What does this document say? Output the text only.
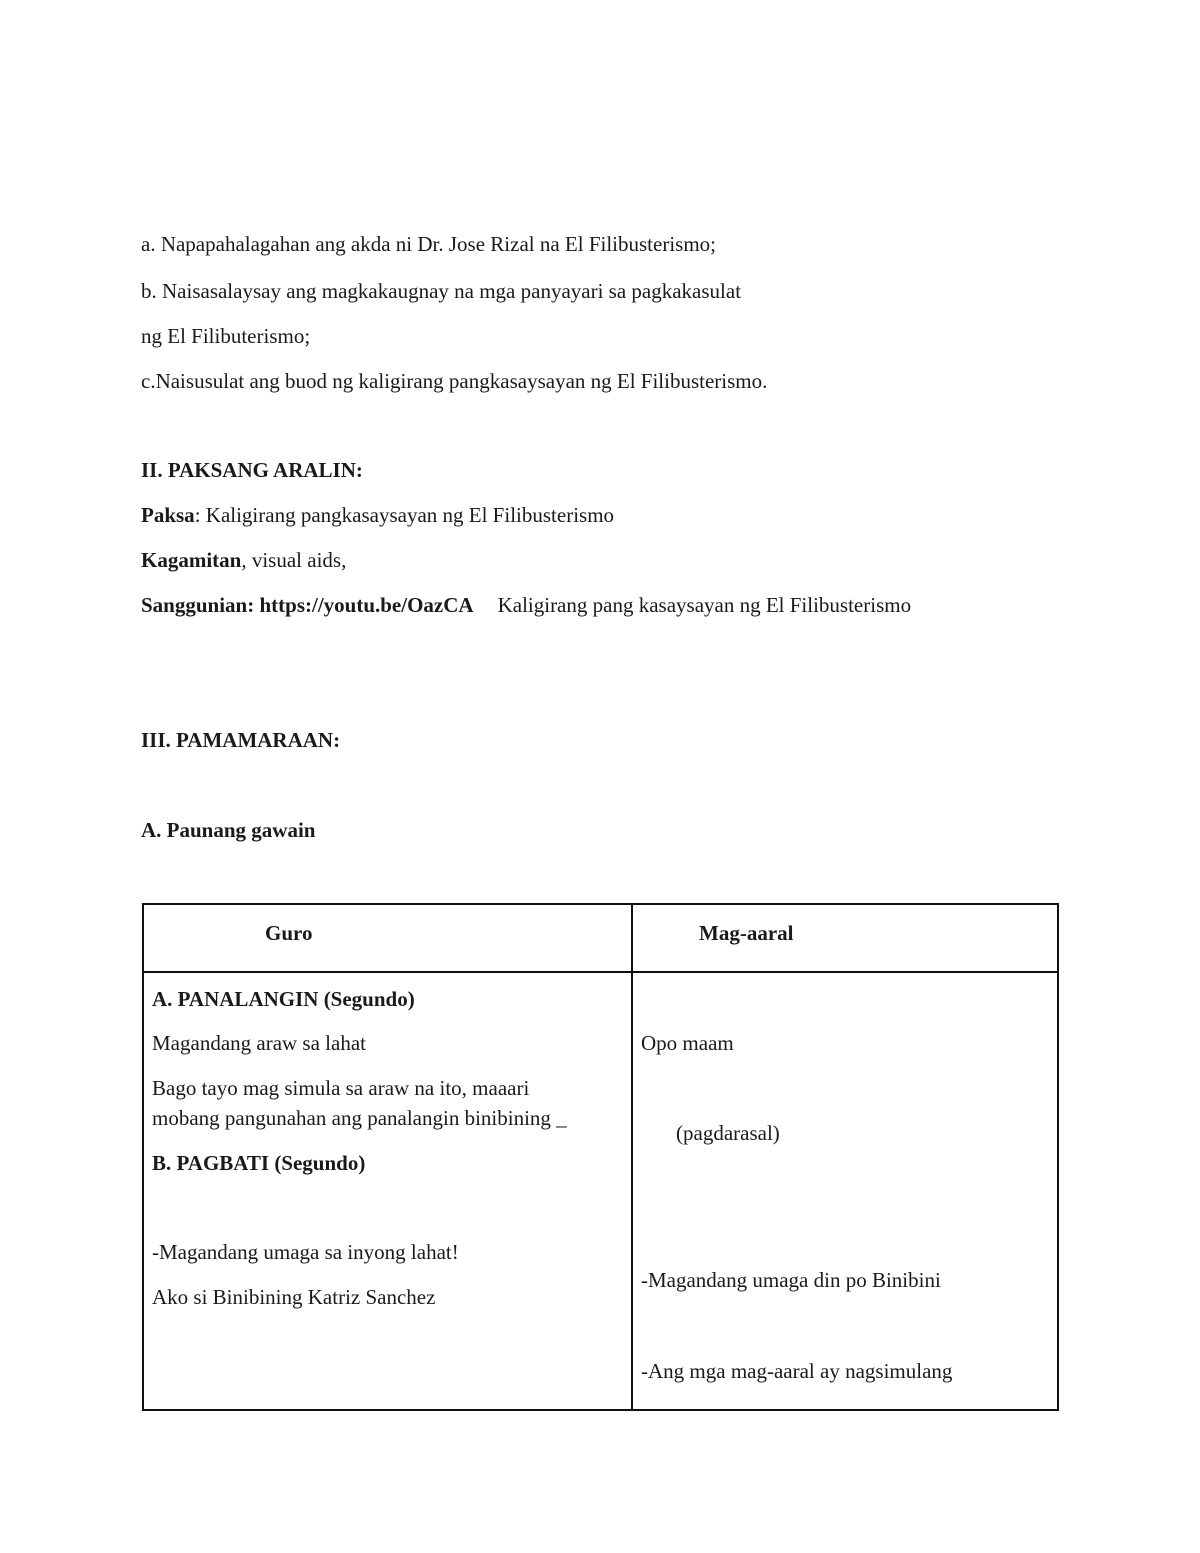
a. Napapahalagahan ang akda ni Dr. Jose Rizal na El Filibusterismo;
b. Naisasalaysay ang magkakaugnay na mga panyayari sa pagkakasulat
ng El Filibuterismo;
c.Naisusulat ang buod ng kaligirang pangkasaysayan ng El Filibusterismo.
II. PAKSANG ARALIN:
Paksa: Kaligirang pangkasaysayan ng El Filibusterismo
Kagamitan, visual aids,
Sanggunian: https://youtu.be/OazCA Kaligirang pang kasaysayan ng El Filibusterismo
III. PAMAMARAAN:
A. Paunang gawain
Guro	Mag-aaral
A. PANALANGIN (Segundo)
Magandang araw sa lahat
Bago tayo mag simula sa araw na ito, maaari
mobang pangunahan ang panalangin binibining _
B. PAGBATI (Segundo)
-Magandang umaga sa inyong lahat!
Ako si Binibining Katriz Sanchez
Opo maam
(pagdarasal)
-Magandang umaga din po Binibini
-Ang mga mag-aaral ay nagsimulang
